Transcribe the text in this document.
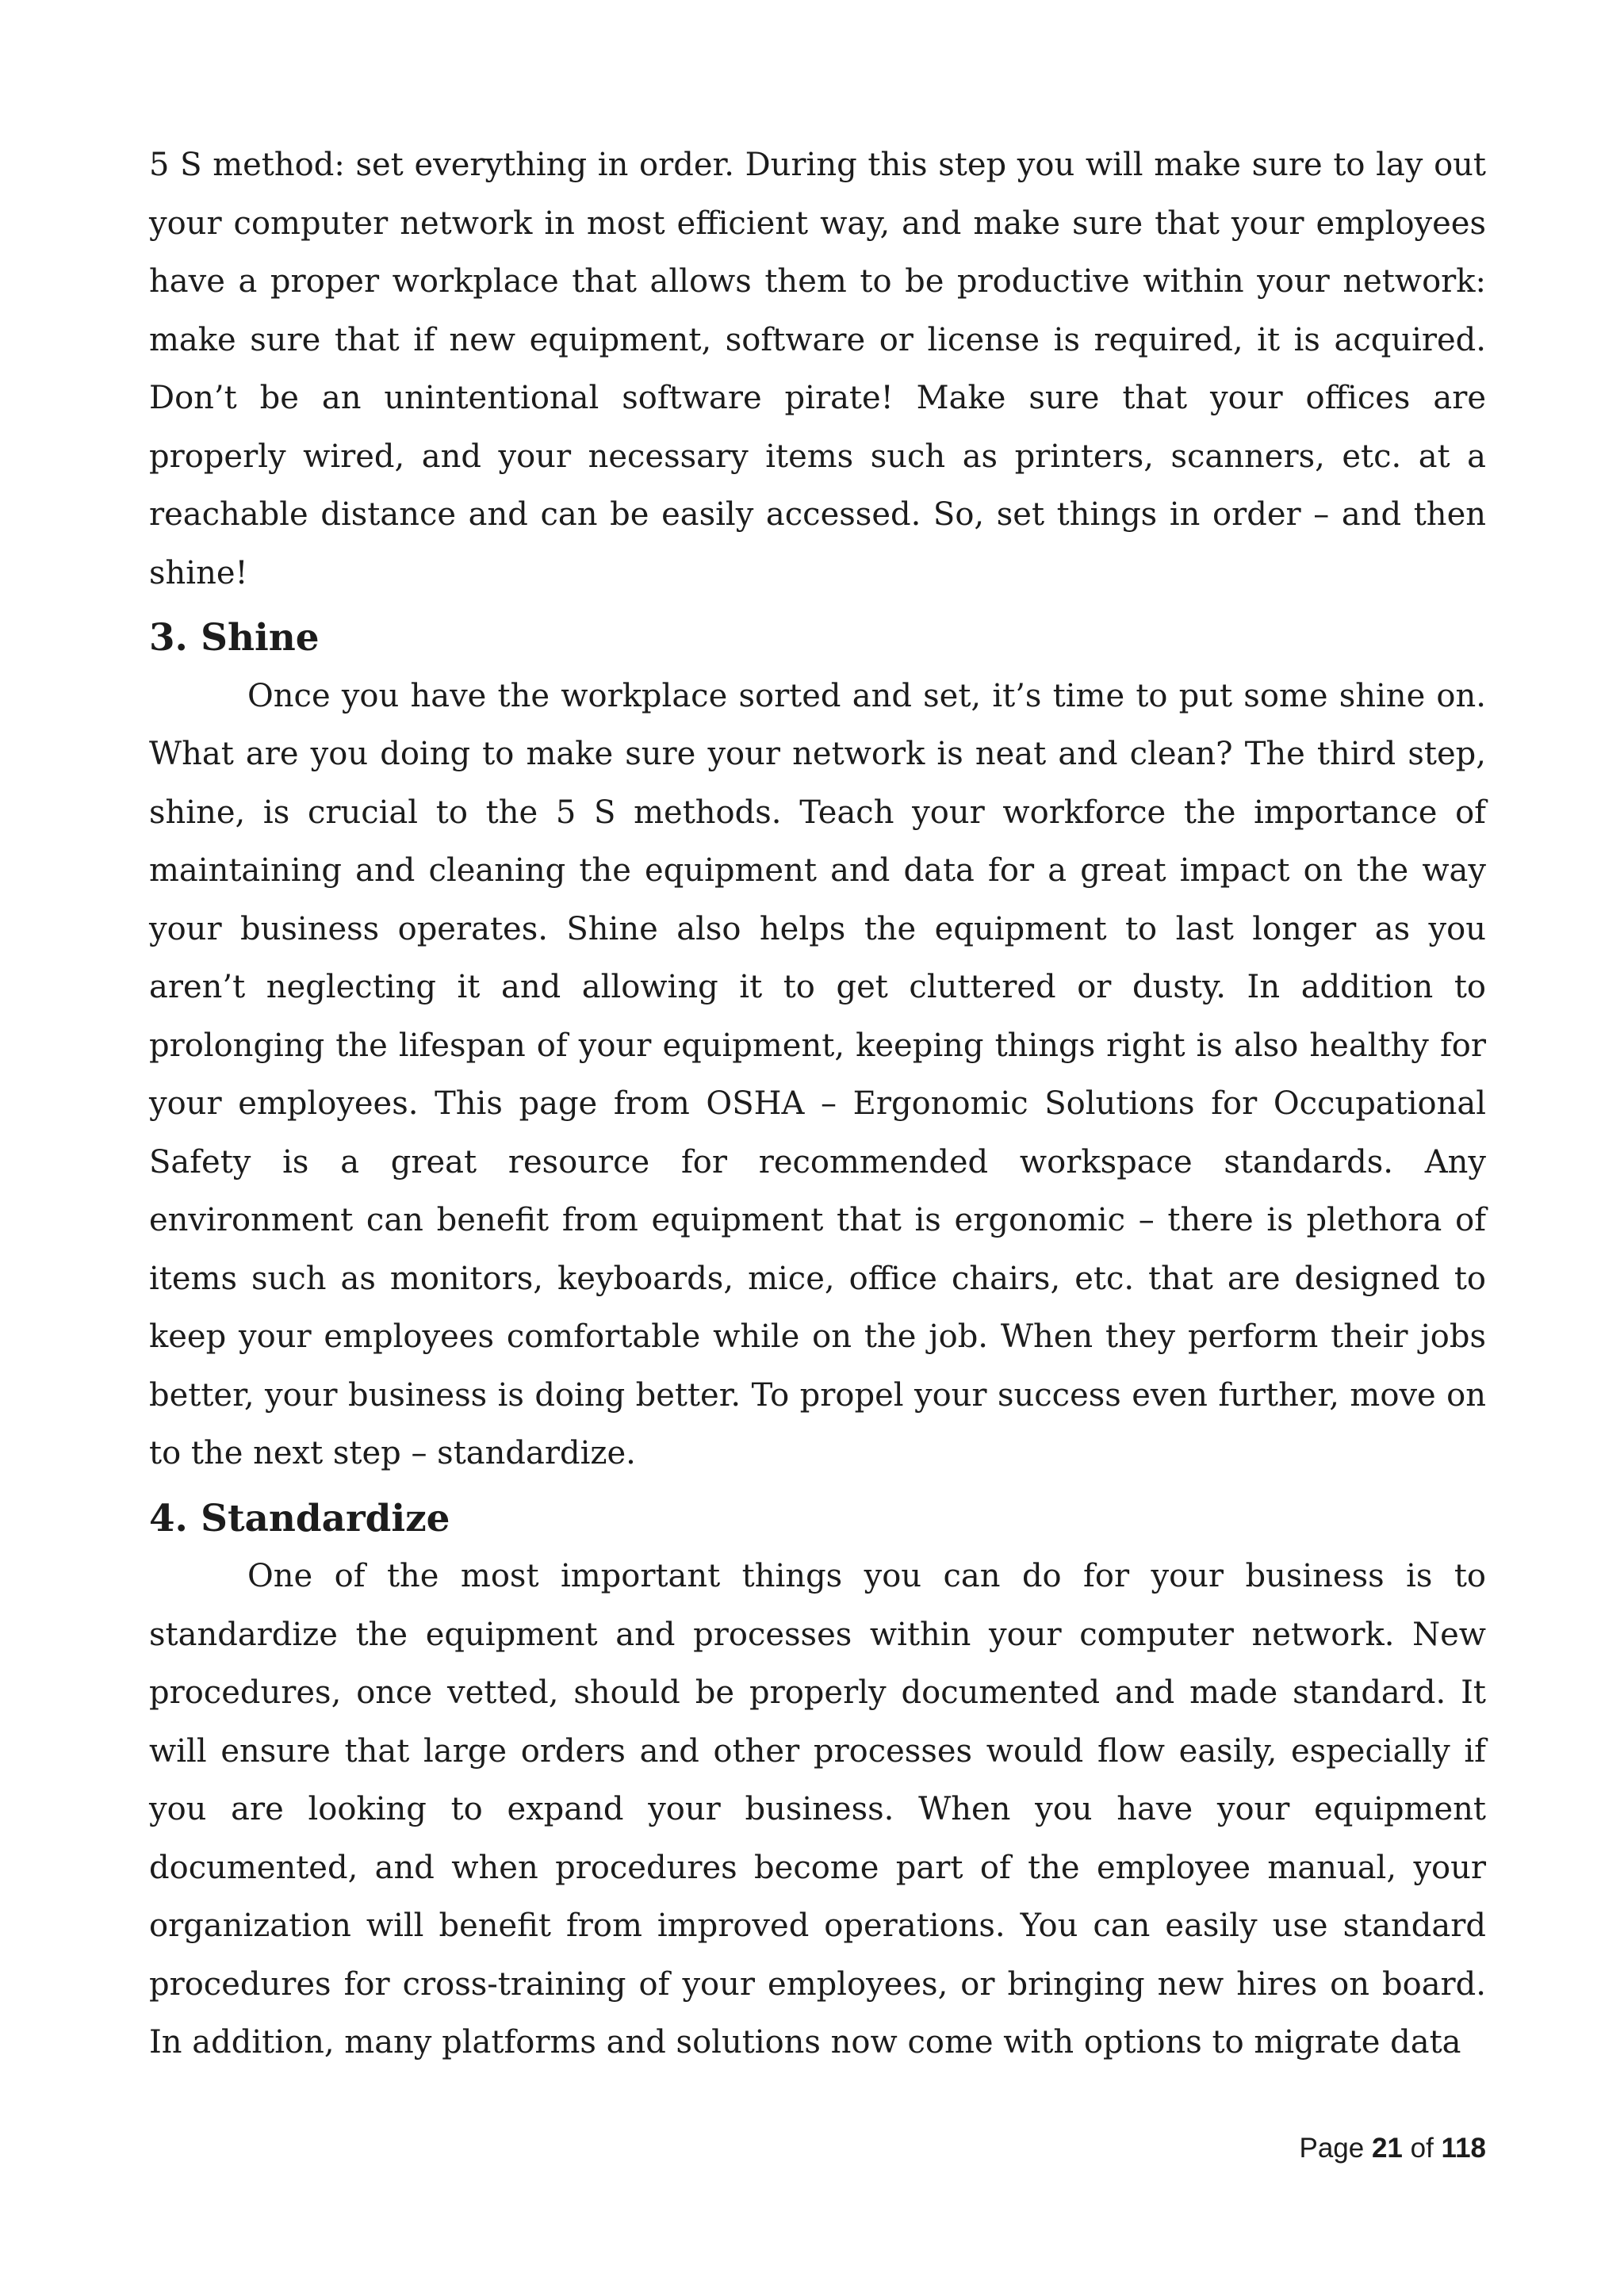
5 S method: set everything in order. During this step you will make sure to lay out your computer network in most efficient way, and make sure that your employees have a proper workplace that allows them to be productive within your network: make sure that if new equipment, software or license is required, it is acquired. Don’t be an unintentional software pirate! Make sure that your offices are properly wired, and your necessary items such as printers, scanners, etc. at a reachable distance and can be easily accessed. So, set things in order – and then shine!

3. Shine

Once you have the workplace sorted and set, it’s time to put some shine on. What are you doing to make sure your network is neat and clean? The third step, shine, is crucial to the 5 S methods. Teach your workforce the importance of maintaining and cleaning the equipment and data for a great impact on the way your business operates. Shine also helps the equipment to last longer as you aren’t neglecting it and allowing it to get cluttered or dusty. In addition to prolonging the lifespan of your equipment, keeping things right is also healthy for your employees. This page from OSHA – Ergonomic Solutions for Occupational Safety is a great resource for recommended workspace standards. Any environment can benefit from equipment that is ergonomic – there is plethora of items such as monitors, keyboards, mice, office chairs, etc. that are designed to keep your employees comfortable while on the job. When they perform their jobs better, your business is doing better. To propel your success even further, move on to the next step – standardize.

4. Standardize

One of the most important things you can do for your business is to standardize the equipment and processes within your computer network. New procedures, once vetted, should be properly documented and made standard. It will ensure that large orders and other processes would flow easily, especially if you are looking to expand your business. When you have your equipment documented, and when procedures become part of the employee manual, your organization will benefit from improved operations. You can easily use standard procedures for cross-training of your employees, or bringing new hires on board. In addition, many platforms and solutions now come with options to migrate data

Page 21 of 118
